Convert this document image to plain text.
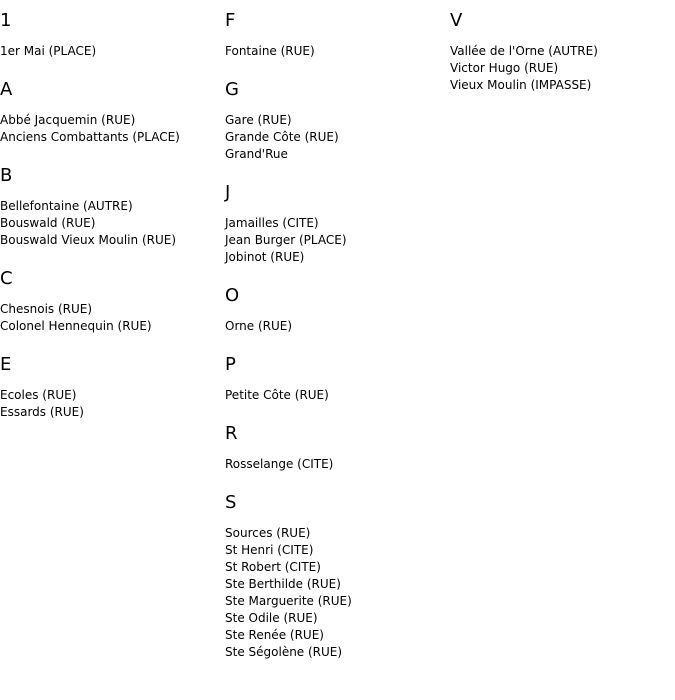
1
1er Mai (PLACE)
A
Abbé Jacquemin (RUE)
Anciens Combattants (PLACE)
B
Bellefontaine (AUTRE)
Bouswald (RUE)
Bouswald Vieux Moulin (RUE)
C
Chesnois (RUE)
Colonel Hennequin (RUE)
E
Ecoles (RUE)
Essards (RUE)
F
Fontaine (RUE)
G
Gare (RUE)
Grande Côte (RUE)
Grand'Rue
J
Jamailles (CITE)
Jean Burger (PLACE)
Jobinot (RUE)
O
Orne (RUE)
P
Petite Côte (RUE)
R
Rosselange (CITE)
S
Sources (RUE)
St Henri (CITE)
St Robert (CITE)
Ste Berthilde (RUE)
Ste Marguerite (RUE)
Ste Odile (RUE)
Ste Renée (RUE)
Ste Ségolène (RUE)
V
Vallée de l'Orne (AUTRE)
Victor Hugo (RUE)
Vieux Moulin (IMPASSE)
